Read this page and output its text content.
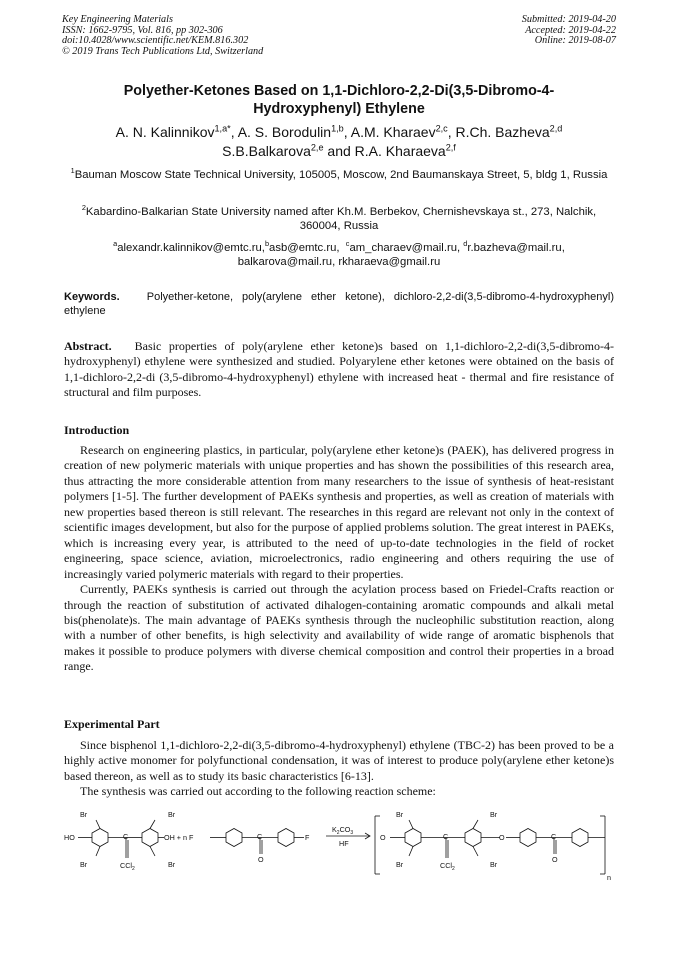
Key Engineering Materials
ISSN: 1662-9795, Vol. 816, pp 302-306
doi:10.4028/www.scientific.net/KEM.816.302
© 2019 Trans Tech Publications Ltd, Switzerland
Submitted: 2019-04-20
Accepted: 2019-04-22
Online: 2019-08-07
Polyether-Ketones Based on 1,1-Dichloro-2,2-Di(3,5-Dibromo-4-
Hydroxyphenyl) Ethylene
A. N. Kalinnikov$^{1,a*}$, A. S. Borodulin$^{1,b}$, A.M. Kharaev$^{2,c}$, R.Ch. Bazheva$^{2,d}$
S.B.Balkarova$^{2,e}$ and R.A. Kharaeva$^{2,f}$
$^1$Bauman Moscow State Technical University, 105005, Moscow, 2nd Baumanskaya Street, 5, bldg 1, Russia
$^2$Kabardino-Balkarian State University named after Kh.M. Berbekov, Chernishevskaya st., 273, Nalchik, 360004, Russia
$^a$alexandr.kalinnikov@emtc.ru,$^b$asb@emtc.ru, $^c$am_charaev@mail.ru, $^d$r.bazheva@mail.ru,
balkarova@mail.ru, rkharaeva@gmail.ru
Keywords. Polyether-ketone, poly(arylene ether ketone), dichloro-2,2-di(3,5-dibromo-4-hydroxyphenyl) ethylene

Abstract. Basic properties of poly(arylene ether ketone)s based on 1,1-dichloro-2,2-di(3,5-dibromo-4-hydroxyphenyl) ethylene were synthesized and studied. Polyarylene ether ketones were obtained on the basis of 1,1-dichloro-2,2-di (3,5-dibromo-4-hydroxyphenyl) ethylene with increased heat - thermal and fire resistance of structural and film purposes.

Introduction

Research on engineering plastics, in particular, poly(arylene ether ketone)s (PAEK), has delivered progress in creation of new polymeric materials with unique properties and has shown the possibilities of this research area, thus attracting the more considerable attention from many researchers to the issue of synthesis of heat-resistant polymers [1-5]. The further development of PAEKs synthesis and properties, as well as creation of materials with new properties based thereon is still relevant. The researches in this regard are relevant not only in the context of scientific images development, but also for the purpose of applied problems solution. The great interest in PAEKs, which is increasing every year, is attributed to the need of up-to-date technologies in the field of rocket engineering, space science, aviation, microelectronics, radio engineering and others requiring the use of increasingly varied polymeric materials with regard to their properties.

Currently, PAEKs synthesis is carried out through the acylation process based on Friedel-Crafts reaction or through the reaction of substitution of activated dihalogen-containing aromatic compounds and alkali metal bis(phenolate)s. The main advantage of PAEKs synthesis through the nucleophilic substitution reaction, along with a number of other benefits, is high selectivity and availability of wide range of aromatic bisphenols that makes it possible to produce polymers with diverse chemical composition and control their properties in a broad range.

Experimental Part

Since bisphenol 1,1-dichloro-2,2-di(3,5-dibromo-4-hydroxyphenyl) ethylene (TBC-2) has been proved to be a highly active monomer for polyfunctional condensation, it was of interest to produce poly(arylene ether ketone)s based thereon, as well as to study its basic characteristics [6-13].

The synthesis was carried out according to the following reaction scheme:

Br
Br
Br
Br
HO	C
CCl$_2$
OH + n F	C
O
F
$K_2CO_3$
HF
O
Br
Br
C
CCl$_2$
Br
Br
O	C
O
n
